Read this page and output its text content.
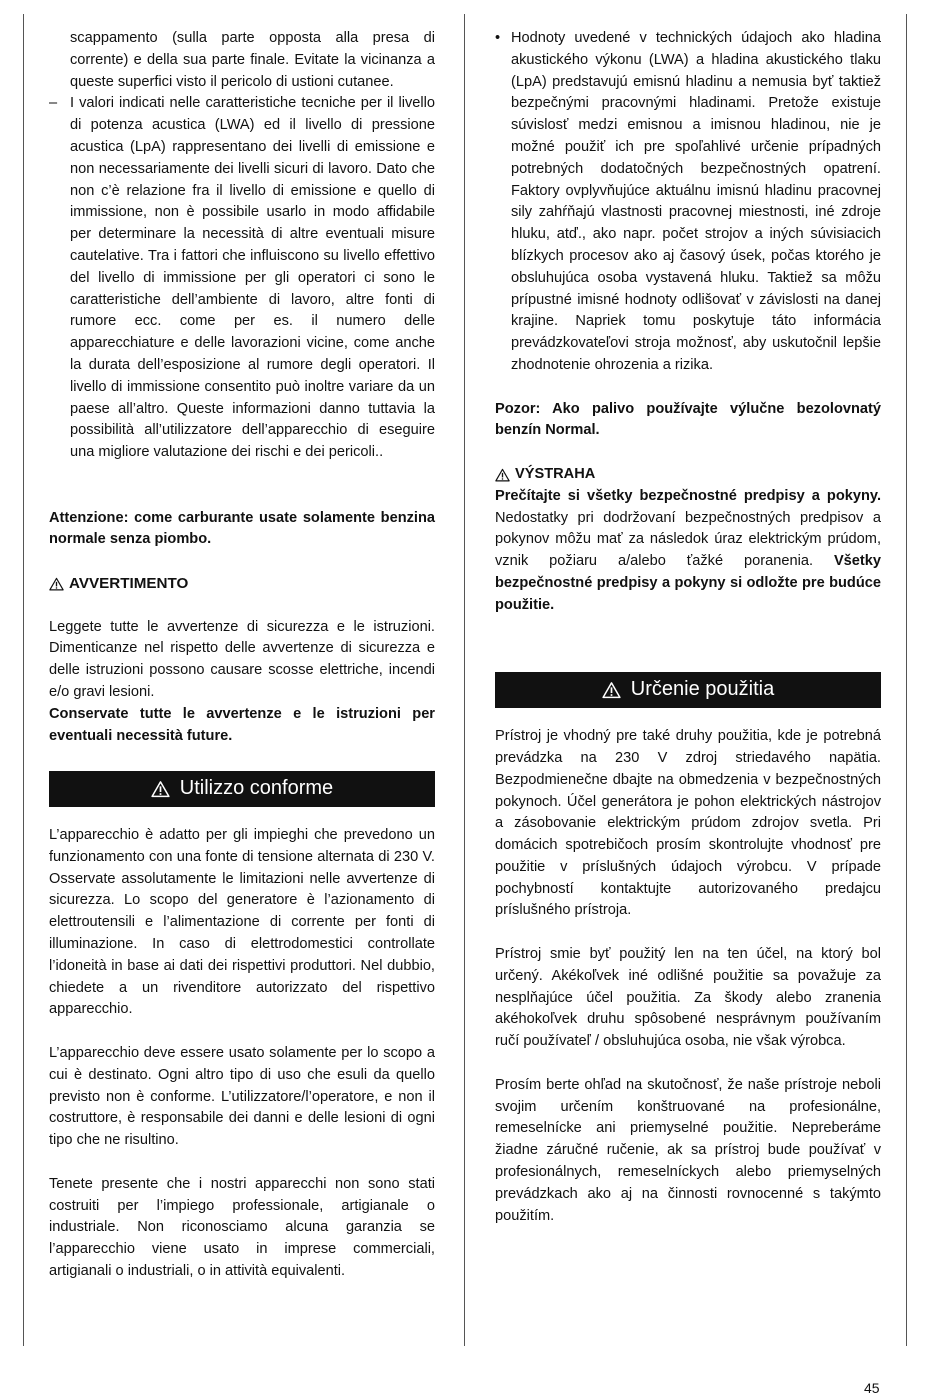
scappamento (sulla parte opposta alla presa di corrente) e della sua parte finale. Evitate la vicinanza a queste superfici visto il pericolo di ustioni cutanee.

– I valori indicati nelle caratteristiche tecniche per il livello di potenza acustica (LWA) ed il livello di pressione acustica (LpA) rappresentano dei livelli di emissione e non necessariamente dei livelli sicuri di lavoro. Dato che non c’è relazione fra il livello di emissione e quello di immissione, non è possibile usarlo in modo affidabile per determinare la necessità di altre eventuali misure cautelative. Tra i fattori che influiscono su livello effettivo del livello di immissione per gli operatori ci sono le caratteristiche dell’ambiente di lavoro, altre fonti di rumore ecc. come per es. il numero delle apparecchiature e delle lavorazioni vicine, come anche la durata dell’esposizione al rumore degli operatori. Il livello di immissione consentito può inoltre variare da un paese all’altro. Queste informazioni danno tuttavia la possibilità all’utilizzatore dell’apparecchio di eseguire una migliore valutazione dei rischi e dei pericoli..

Attenzione: come carburante usate solamente benzina normale senza piombo.

AVVERTIMENTO

Leggete tutte le avvertenze di sicurezza e le istruzioni. Dimenticanze nel rispetto delle avvertenze di sicurezza e delle istruzioni possono causare scosse elettriche, incendi e/o gravi lesioni.

Conservate tutte le avvertenze e le istruzioni per eventuali necessità future.

Utilizzo conforme

L’apparecchio è adatto per gli impieghi che prevedono un funzionamento con una fonte di tensione alternata di 230 V. Osservate assolutamente le limitazioni nelle avvertenze di sicurezza. Lo scopo del generatore è l’azionamento di elettroutensili e l’alimentazione di corrente per fonti di illuminazione. In caso di elettrodomestici controllate l’idoneità in base ai dati dei rispettivi produttori. Nel dubbio, chiedete a un rivenditore autorizzato del rispettivo apparecchio.

L’apparecchio deve essere usato solamente per lo scopo a cui è destinato. Ogni altro tipo di uso che esuli da quello previsto non è conforme. L’utilizzatore/l’operatore, e non il costruttore, è responsabile dei danni e delle lesioni di ogni tipo che ne risultino.

Tenete presente che i nostri apparecchi non sono stati costruiti per l’impiego professionale, artigianale o industriale. Non riconosciamo alcuna garanzia se l’apparecchio viene usato in imprese commerciali, artigianali o industriali, o in attività equivalenti.

• Hodnoty uvedené v technických údajoch ako hladina akustického výkonu (LWA) a hladina akustického tlaku (LpA) predstavujú emisnú hladinu a nemusia byť taktiež bezpečnými pracovnými hladinami. Pretože existuje súvislosť medzi emisnou a imisnou hladinou, nie je možné použiť ich pre spoľahlivé určenie prípadných potrebných dodatočných bezpečnostných opatrení. Faktory ovplyvňujúce aktuálnu imisnú hladinu pracovnej sily zahŕňajú vlastnosti pracovnej miestnosti, iné zdroje hluku, atď., ako napr. počet strojov a iných súvisiacich blízkych procesov ako aj časový úsek, počas ktorého je obsluhujúca osoba vystavená hluku. Taktiež sa môžu prípustné imisné hodnoty odlišovať v závislosti na danej krajine. Napriek tomu poskytuje táto informácia prevádzkovateľovi stroja možnosť, aby uskutočnil lepšie zhodnotenie ohrozenia a rizika.

Pozor: Ako palivo používajte výlučne bezolovnatý benzín Normal.

VÝSTRAHA

Prečítajte si všetky bezpečnostné predpisy a pokyny. Nedostatky pri dodržovaní bezpečnostných predpisov a pokynov môžu mať za následok úraz elektrickým prúdom, vznik požiaru a/alebo ťažké poranenia. Všetky bezpečnostné predpisy a pokyny si odložte pre budúce použitie.

Určenie použitia

Prístroj je vhodný pre také druhy použitia, kde je potrebná prevádzka na 230 V zdroj striedavého napätia. Bezpodmienečne dbajte na obmedzenia v bezpečnostných pokynoch. Účel generátora je pohon elektrických nástrojov a zásobovanie elektrickým prúdom zdrojov svetla. Pri domácich spotrebičoch prosím skontrolujte vhodnosť pre použitie v príslušných údajoch výrobcu. V prípade pochybností kontaktujte autorizovaného predajcu príslušného prístroja.

Prístroj smie byť použitý len na ten účel, na ktorý bol určený. Akékoľvek iné odlišné použitie sa považuje za nesplňajúce účel použitia. Za škody alebo zranenia akéhokoľvek druhu spôsobené nesprávnym používaním ručí používateľ / obsluhujúca osoba, nie však výrobca.

Prosím berte ohľad na skutočnosť, že naše prístroje neboli svojim určením konštruované na profesionálne, remeselnícke ani priemyselné použitie. Nepreberáme žiadne záručné ručenie, ak sa prístroj bude používať v profesionálnych, remeselníckych alebo priemyselných prevádzkach ako aj na činnosti rovnocenné s takýmto použitím.

45
